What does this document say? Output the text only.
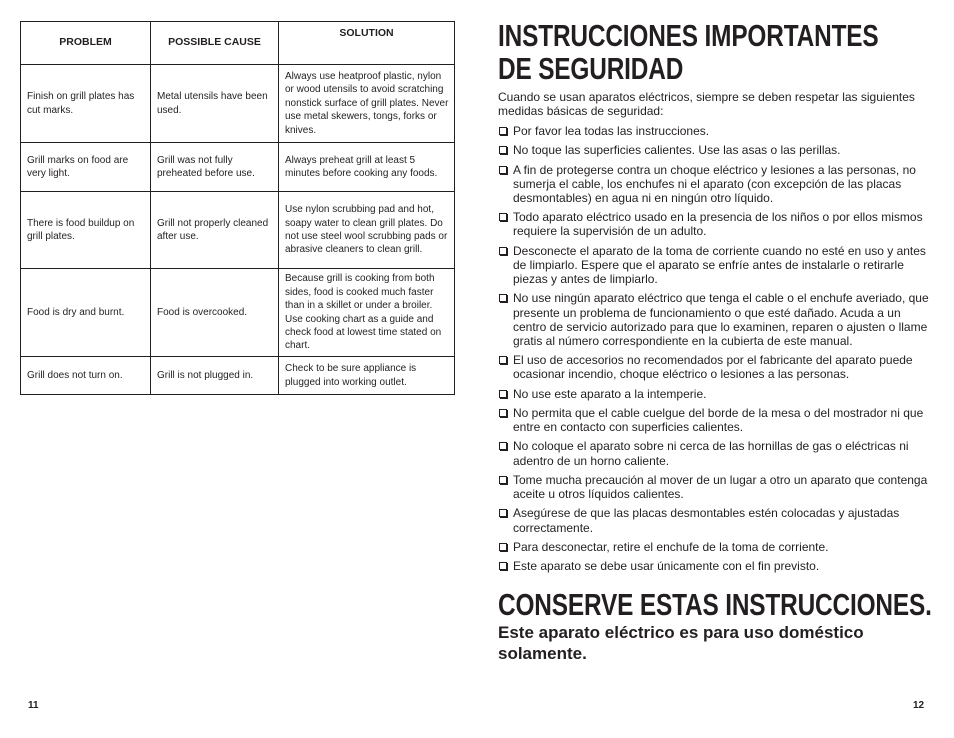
PROBLEM	POSSIBLE CAUSE	SOLUTION
Finish on grill plates has cut marks.	Metal utensils have been used.	Always use heatproof plastic, nylon or wood utensils to avoid scratching nonstick surface of grill plates. Never use metal skewers, tongs, forks or knives.
Grill marks on food are very light.	Grill was not fully preheated before use.	Always preheat grill at least 5 minutes before cooking any foods.
There is food buildup on grill plates.	Grill not properly cleaned after use.	Use nylon scrubbing pad and hot, soapy water to clean grill plates. Do not use steel wool scrubbing pads or abrasive cleaners to clean grill.
Food is dry and burnt.	Food is overcooked.	Because grill is cooking from both sides, food is cooked much faster than in a skillet or under a broiler. Use cooking chart as a guide and check food at lowest time stated on chart.
Grill does not turn on.	Grill is not plugged in.	Check to be sure appliance is plugged into working outlet.
11
INSTRUCCIONES IMPORTANTES
DE SEGURIDAD
Cuando se usan aparatos eléctricos, siempre se deben respetar las siguientes medidas básicas de seguridad:
Por favor lea todas las instrucciones.
No toque las superficies calientes. Use las asas o las perillas.
A fin de protegerse contra un choque eléctrico y lesiones a las personas, no sumerja el cable, los enchufes ni el aparato (con excepción de las placas desmontables) en agua ni en ningún otro líquido.
Todo aparato eléctrico usado en la presencia de los niños o por ellos mismos requiere la supervisión de un adulto.
Desconecte el aparato de la toma de corriente cuando no esté en uso y antes de limpiarlo. Espere que el aparato se enfríe antes de instalarle o retirarle piezas y antes de limpiarlo.
No use ningún aparato eléctrico que tenga el cable o el enchufe averiado, que presente un problema de funcionamiento o que esté dañado. Acuda a un centro de servicio autorizado para que lo examinen, reparen o ajusten o llame gratis al número correspondiente en la cubierta de este manual.
El uso de accesorios no recomendados por el fabricante del aparato puede ocasionar incendio, choque eléctrico o lesiones a las personas.
No use este aparato a la intemperie.
No permita que el cable cuelgue del borde de la mesa o del mostrador ni que entre en contacto con superficies calientes.
No coloque el aparato sobre ni cerca de las hornillas de gas o eléctricas ni adentro de un horno caliente.
Tome mucha precaución al mover de un lugar a otro un aparato que contenga aceite u otros líquidos calientes.
Asegúrese de que las placas desmontables estén colocadas y ajustadas correctamente.
Para desconectar, retire el enchufe de la toma de corriente.
Este aparato se debe usar únicamente con el fin previsto.
CONSERVE ESTAS INSTRUCCIONES.
Este aparato eléctrico es para uso doméstico solamente.
12
